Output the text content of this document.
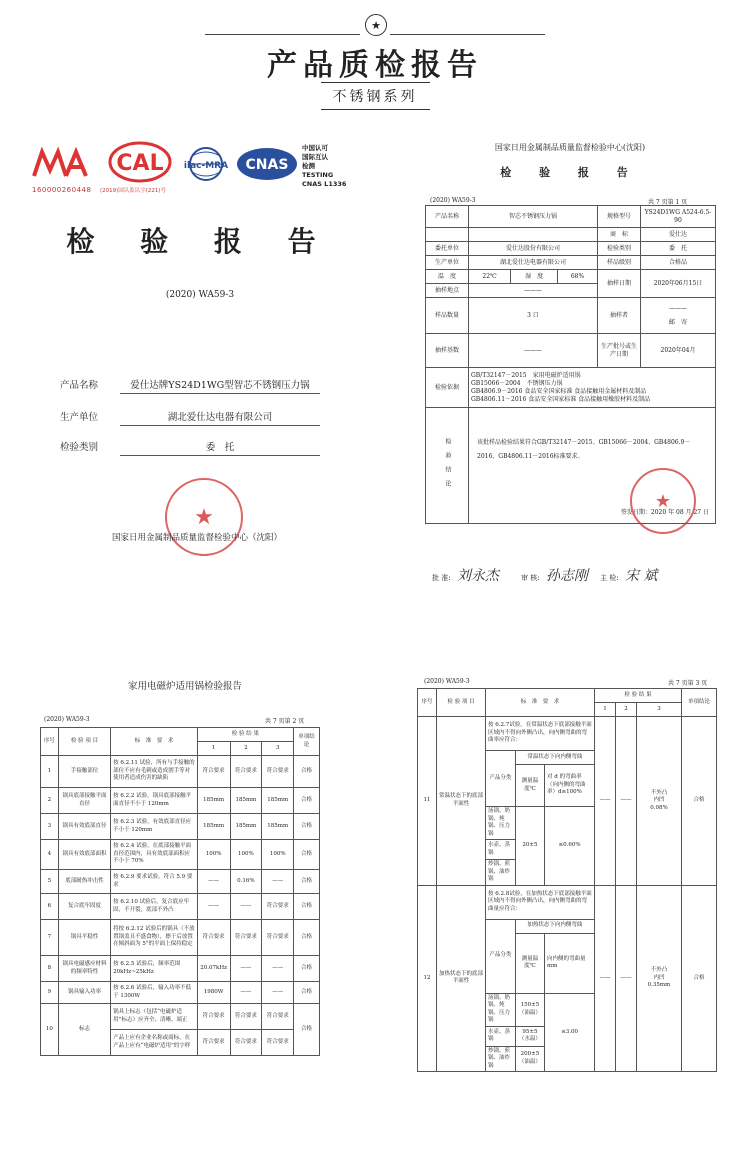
★
产品质检报告
不锈钢系列
CAL ilac-MRA CNAS
中国认可
国际互认
检测
TESTING
CNAS L1336
160000260448 (2019)国认监认字(221)号
检 验 报 告
(2020) WA59-3
产品名称	爱仕达牌YS24D1WG型智芯不锈钢压力锅
生产单位	湖北爱仕达电器有限公司
检验类别	委　托
★
国家日用金属制品质量监督检验中心（沈阳）
国家日用金属制品质量监督检验中心(沈阳)
检 验 报 告
(2020) WA59-3	共 7 页第 1 页
产品名称	智芯不锈钢压力锅			规格型号	YS24D1WG A524-6.5-90
				商　标	爱仕达
委托单位	爱仕达股份有限公司			检验类别	委　托
生产单位	湖北爱仕达电器有限公司			样品级别	合格品
温　度	22℃	湿　度	68%	抽样日期	2020年06月15日
抽样地点	———				
样品数量	3 口			抽样者	———
邮　寄

抽样基数	———			生产批号或生产日期	2020年04月
检验依据	GB/T32147－2015　家用电磁炉适用锅
GB15066－2004　不锈钢压力锅
GB4806.9－2016 食品安全国家标准 食品接触用金属材料及制品
GB4806.11－2016 食品安全国家标准 食品接触用橡胶材料及制品				

检验结论	该批样品检验结果符合GB/T32147－2015、GB15066－2004、GB4806.9－2016、GB4806.11－2016标准要求。
签发日期：2020 年 08 月 27 日				
★
批 准: 刘永杰	审 核: 孙志刚 主 检: 宋 斌
家用电磁炉适用锅检验报告
(2020) WA59-3	共 7 页第 2 页
序号	检 验 项 目	标　准　要　求	检 验 结 果			单项结论
			1	2	3	
1	手接触部位	按 6.2.11 试验，所有与手接触的部位不应有毛刺或造成割手等对使用者造成伤害的缺陷	符合要求	符合要求	符合要求	合格
2	锅具底部接触平面直径	按 6.2.2 试验，锅具底部接触平面直径不小于 120mm	185mm	185mm	185mm	合格
3	锅具有效底部直径	按 6.2.3 试验，有效底部直径应不小于 120mm	185mm	185mm	185mm	合格
4	锅具有效底部面积	按 6.2.4 试验，在底部接触平面直径范围内，具有效底部面积应不小于 70%	100%	100%	100%	合格
5	底部耐热冲击性	按 6.2.9 要求试验，符合 5.9 要求	——	0.16%	——	合格
6	复合底牢固度	按 6.2.10 试验后，复合底应牢固，不开裂，底部不外凸	——	——	符合要求	合格
7	锅具平稳性	将按 6.2.12 试验后的锅具（不放置锅盖且不盛食物），擦干后放置在倾斜面为 5°的平面上保持稳定	符合要求	符合要求	符合要求	合格
8	锅具电磁感应材料的频率特性	按 6.2.5 试验后，频率范围 20kHz~25kHz	20.07kHz	——	——	合格
9	锅具输入功率	按 6.2.6 试验后，输入功率不低于 1300W	1980W	——	——	合格
10	标志	锅具上标志（包括“电磁炉适用”标志）应齐全、清晰、端正	符合要求	符合要求	符合要求	合格
		产品上应有企业名称或商标，在产品上应有“电磁炉适用”的字样	符合要求	符合要求	符合要求	
(2020) WA59-3	共 7 页第 3 页
序号	检 验 项 目	标　准　要　求			检 验 结 果			单项结论
					1	2	3	
11	常温状态下的底部平面性	按 6.2.7试验，在常温状态下底部接触平面区域内不得向外侧凸出，向内侧弯曲的弯曲率应符合：			——	——	不外凸
内凹
0.08%	合格
		产品分类	常温状态下向内侧弯曲					
			测量温度℃	对 d 的弯曲率（向内侧的弯曲率）d≥100%				
		汤锅、奶锅、炖锅、压力锅	20±5	≤0.60%				
		水壶、蒸锅						
		炒锅、煎锅、油炸锅						
12	加热状态下的底部平面性	按 6.2.8试验，在加热状态下底部接触平面区域内不得向外侧凸出，向内侧弯曲的弯曲量应符合：			——	——	不外凸
内凹
0.35mm	合格
		产品分类	加热状态下向内侧弯曲					
			测量温度℃	向内侧的弯曲量mm				
		汤锅、奶锅、炖锅、压力锅	150±5（油温）	≤3.00				
		水壶、蒸锅	95±5（水温）					
		炒锅、煎锅、油炸锅	200±5（油温）					
